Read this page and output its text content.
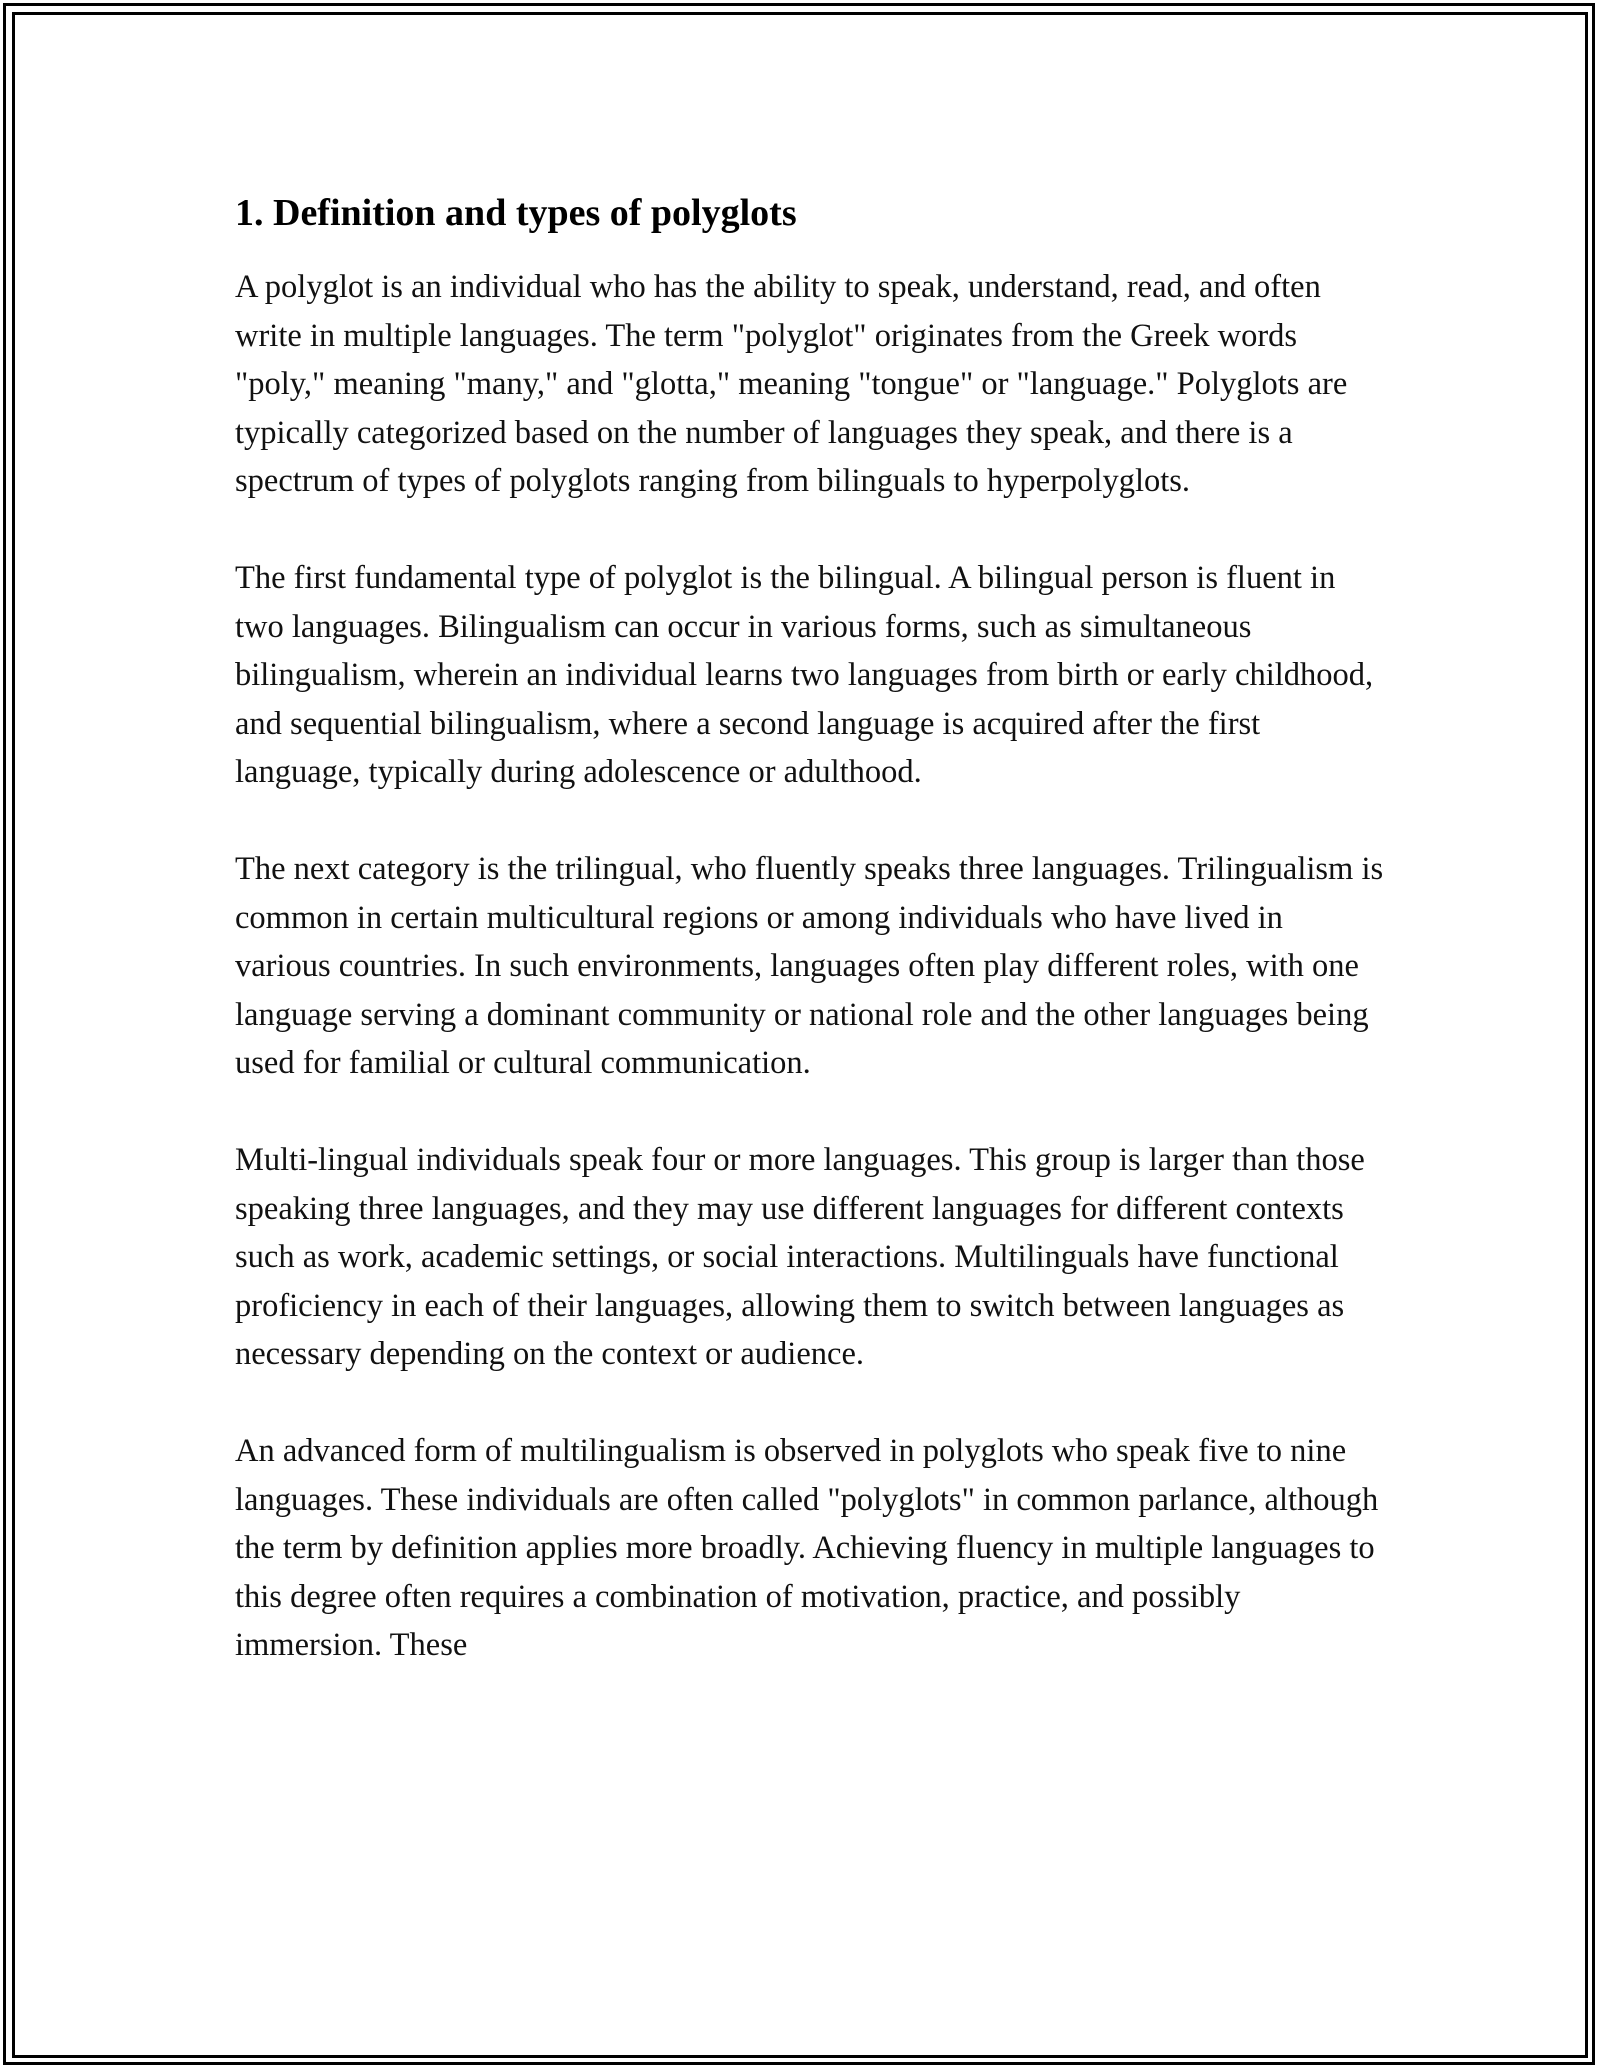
1. Definition and types of polyglots

A polyglot is an individual who has the ability to speak, understand, read, and often write in multiple languages. The term "polyglot" originates from the Greek words "poly," meaning "many," and "glotta," meaning "tongue" or "language." Polyglots are typically categorized based on the number of languages they speak, and there is a spectrum of types of polyglots ranging from bilinguals to hyperpolyglots.

The first fundamental type of polyglot is the bilingual. A bilingual person is fluent in two languages. Bilingualism can occur in various forms, such as simultaneous bilingualism, wherein an individual learns two languages from birth or early childhood, and sequential bilingualism, where a second language is acquired after the first language, typically during adolescence or adulthood.

The next category is the trilingual, who fluently speaks three languages. Trilingualism is common in certain multicultural regions or among individuals who have lived in various countries. In such environments, languages often play different roles, with one language serving a dominant community or national role and the other languages being used for familial or cultural communication.

Multi-lingual individuals speak four or more languages. This group is larger than those speaking three languages, and they may use different languages for different contexts such as work, academic settings, or social interactions. Multilinguals have functional proficiency in each of their languages, allowing them to switch between languages as necessary depending on the context or audience.

An advanced form of multilingualism is observed in polyglots who speak five to nine languages. These individuals are often called "polyglots" in common parlance, although the term by definition applies more broadly. Achieving fluency in multiple languages to this degree often requires a combination of motivation, practice, and possibly immersion. These
